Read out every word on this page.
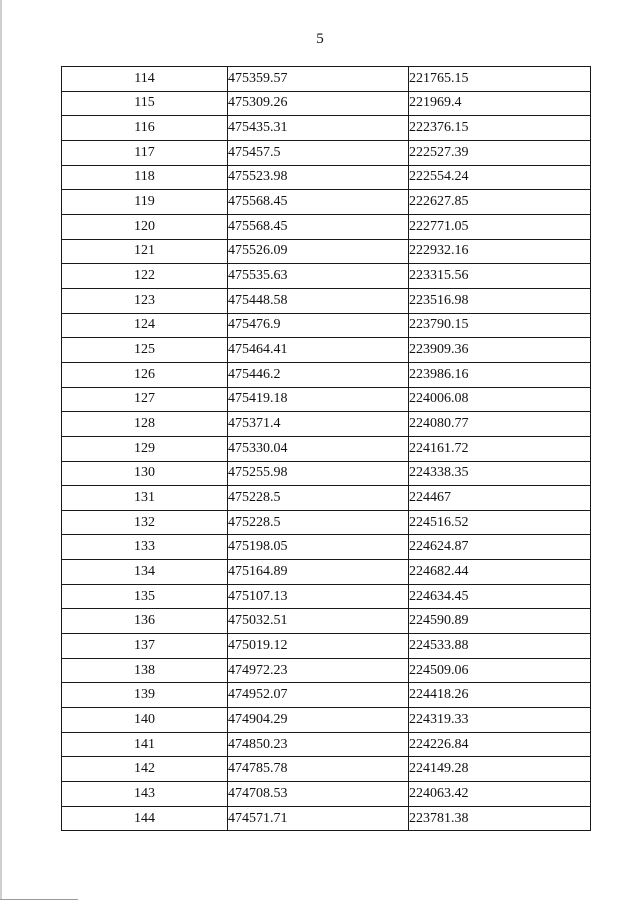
5
114	475359.57	221765.15
115	475309.26	221969.4
116	475435.31	222376.15
117	475457.5	222527.39
118	475523.98	222554.24
119	475568.45	222627.85
120	475568.45	222771.05
121	475526.09	222932.16
122	475535.63	223315.56
123	475448.58	223516.98
124	475476.9	223790.15
125	475464.41	223909.36
126	475446.2	223986.16
127	475419.18	224006.08
128	475371.4	224080.77
129	475330.04	224161.72
130	475255.98	224338.35
131	475228.5	224467
132	475228.5	224516.52
133	475198.05	224624.87
134	475164.89	224682.44
135	475107.13	224634.45
136	475032.51	224590.89
137	475019.12	224533.88
138	474972.23	224509.06
139	474952.07	224418.26
140	474904.29	224319.33
141	474850.23	224226.84
142	474785.78	224149.28
143	474708.53	224063.42
144	474571.71	223781.38
